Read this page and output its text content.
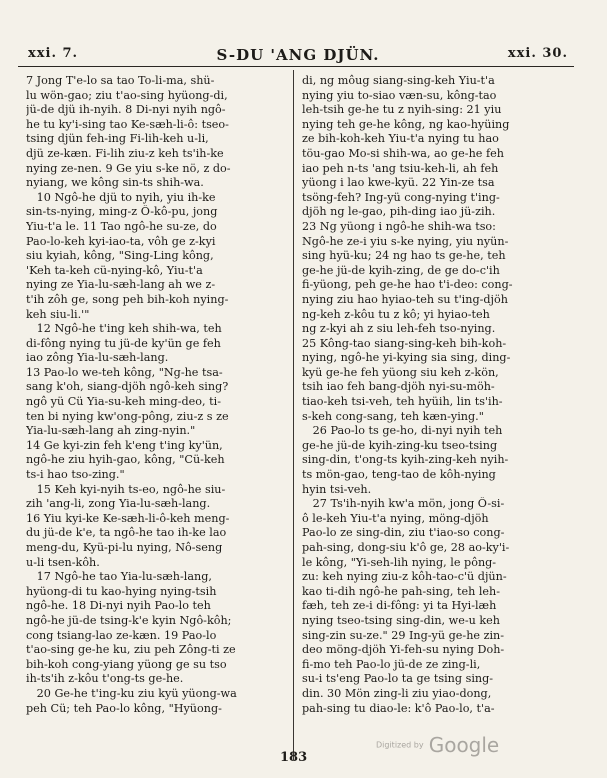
xxi. 7.	S-DU 'ANG DJÜN.	xxi. 30.
7 Jong T'e-lo sa tao To-li-ma, shü-
lu wön-gao; ziu t'ao-sing hyüong-di,
jü-de djü ih-nyih. 8 Di-nyi nyih ngô-
he tu ky'i-sing tao Ke-sæh-li-ô: tseo-
tsing djün feh-ing Fi-lih-keh u-li,
djü ze-kæn. Fi-lih ziu-z keh ts'ih-ke
nying ze-nen. 9 Ge yiu s-ke nö, z do-
nyiang, we kông sin-ts shih-wa.
10 Ngô-he djü to nyih, yiu ih-ke
sin-ts-nying, ming-z Ô-kô-pu, jong
Yiu-t'a le. 11 Tao ngô-he su-ze, do
Pao-lo-keh kyi-iao-ta, vôh ge z-kyi
siu kyiah, kông, "Sing-Ling kông,
'Keh ta-keh cü-nying-kô, Yiu-t'a
nying ze Yia-lu-sæh-lang ah we z-
t'ih zôh ge, song peh bih-koh nying-
keh siu-li.'"
12 Ngô-he t'ing keh shih-wa, teh
di-fông nying tu jü-de ky'ün ge feh
iao zông Yia-lu-sæh-lang.
13 Pao-lo we-teh kông, "Ng-he tsa-
sang k'oh, siang-djöh ngô-keh sing?
ngô yü Cü Yia-su-keh ming-deo, ti-
ten bi nying kw'ong-pông, ziu-z s ze
Yia-lu-sæh-lang ah zing-nyin."
14 Ge kyi-zin feh k'eng t'ing ky'ün,
ngô-he ziu hyih-gao, kông, "Cü-keh
ts-i hao tso-zing."
15 Keh kyi-nyih ts-eo, ngô-he siu-
zih 'ang-li, zong Yia-lu-sæh-lang.
16 Yiu kyi-ke Ke-sæh-li-ô-keh meng-
du jü-de k'e, ta ngô-he tao ih-ke lao
meng-du, Kyü-pi-lu nying, Nô-seng
u-li tsen-kôh.
17 Ngô-he tao Yia-lu-sæh-lang,
hyüong-di tu kao-hying nying-tsih
ngô-he. 18 Di-nyi nyih Pao-lo teh
ngô-he jü-de tsing-k'e kyin Ngô-kôh;
cong tsiang-lao ze-kæn. 19 Pao-lo
t'ao-sing ge-he ku, ziu peh Zông-ti ze
bih-koh cong-yiang yüong ge su tso
ih-ts'ih z-kôu t'ong-ts ge-he.
20 Ge-he t'ing-ku ziu kyü yüong-wa
peh Cü; teh Pao-lo kông, "Hyüong-
di, ng môug siang-sing-keh Yiu-t'a
nying yiu to-siao væn-su, kông-tao
leh-tsih ge-he tu z nyih-sing: 21 yiu
nying teh ge-he kông, ng kao-hyüing
ze bih-koh-keh Yiu-t'a nying tu hao
töu-gao Mo-si shih-wa, ao ge-he feh
iao peh n-ts 'ang tsiu-keh-li, ah feh
yüong i lao kwe-kyü. 22 Yin-ze tsa
tsöng-feh? Ing-yü cong-nying t'ing-
djöh ng le-gao, pih-ding iao jü-zih.
23 Ng yüong i ngô-he shih-wa tso:
Ngô-he ze-i yiu s-ke nying, yiu nyün-
sing hyü-ku; 24 ng hao ts ge-he, teh
ge-he jü-de kyih-zing, de ge do-c'ih
fi-yüong, peh ge-he hao t'i-deo: cong-
nying ziu hao hyiao-teh su t'ing-djöh
ng-keh z-kôu tu z kô; yi hyiao-teh
ng z-kyi ah z siu leh-feh tso-nying.
25 Kông-tao siang-sing-keh bih-koh-
nying, ngô-he yi-kying sia sing, ding-
kyü ge-he feh yüong siu keh z-kön,
tsih iao feh bang-djöh nyi-su-möh-
tiao-keh tsi-veh, teh hyüih, lin ts'ih-
s-keh cong-sang, teh kæn-ying."
26 Pao-lo ts ge-ho, di-nyi nyih teh
ge-he jü-de kyih-zing-ku tseo-tsing
sing-din, t'ong-ts kyih-zing-keh nyih-
ts mön-gao, teng-tao de kôh-nying
hyin tsi-veh.
27 Ts'ih-nyih kw'a mön, jong Ô-si-
ô le-keh Yiu-t'a nying, möng-djöh
Pao-lo ze sing-din, ziu t'iao-so cong-
pah-sing, dong-siu k'ô ge, 28 ao-ky'i-
le kông, "Yi-seh-lih nying, le pông-
zu: keh nying ziu-z kôh-tao-c'ü djün-
kao ti-dih ngô-he pah-sing, teh leh-
fæh, teh ze-i di-fông: yi ta Hyi-læh
nying tseo-tsing sing-din, we-u keh
sing-zin su-ze." 29 Ing-yü ge-he zin-
deo möng-djöh Yi-feh-su nying Doh-
fi-mo teh Pao-lo jü-de ze zing-li,
su-i ts'eng Pao-lo ta ge tsing sing-
din. 30 Mön zing-li ziu yiao-dong,
pah-sing tu diao-le: k'ô Pao-lo, t'a-
183
Digitized by Google
